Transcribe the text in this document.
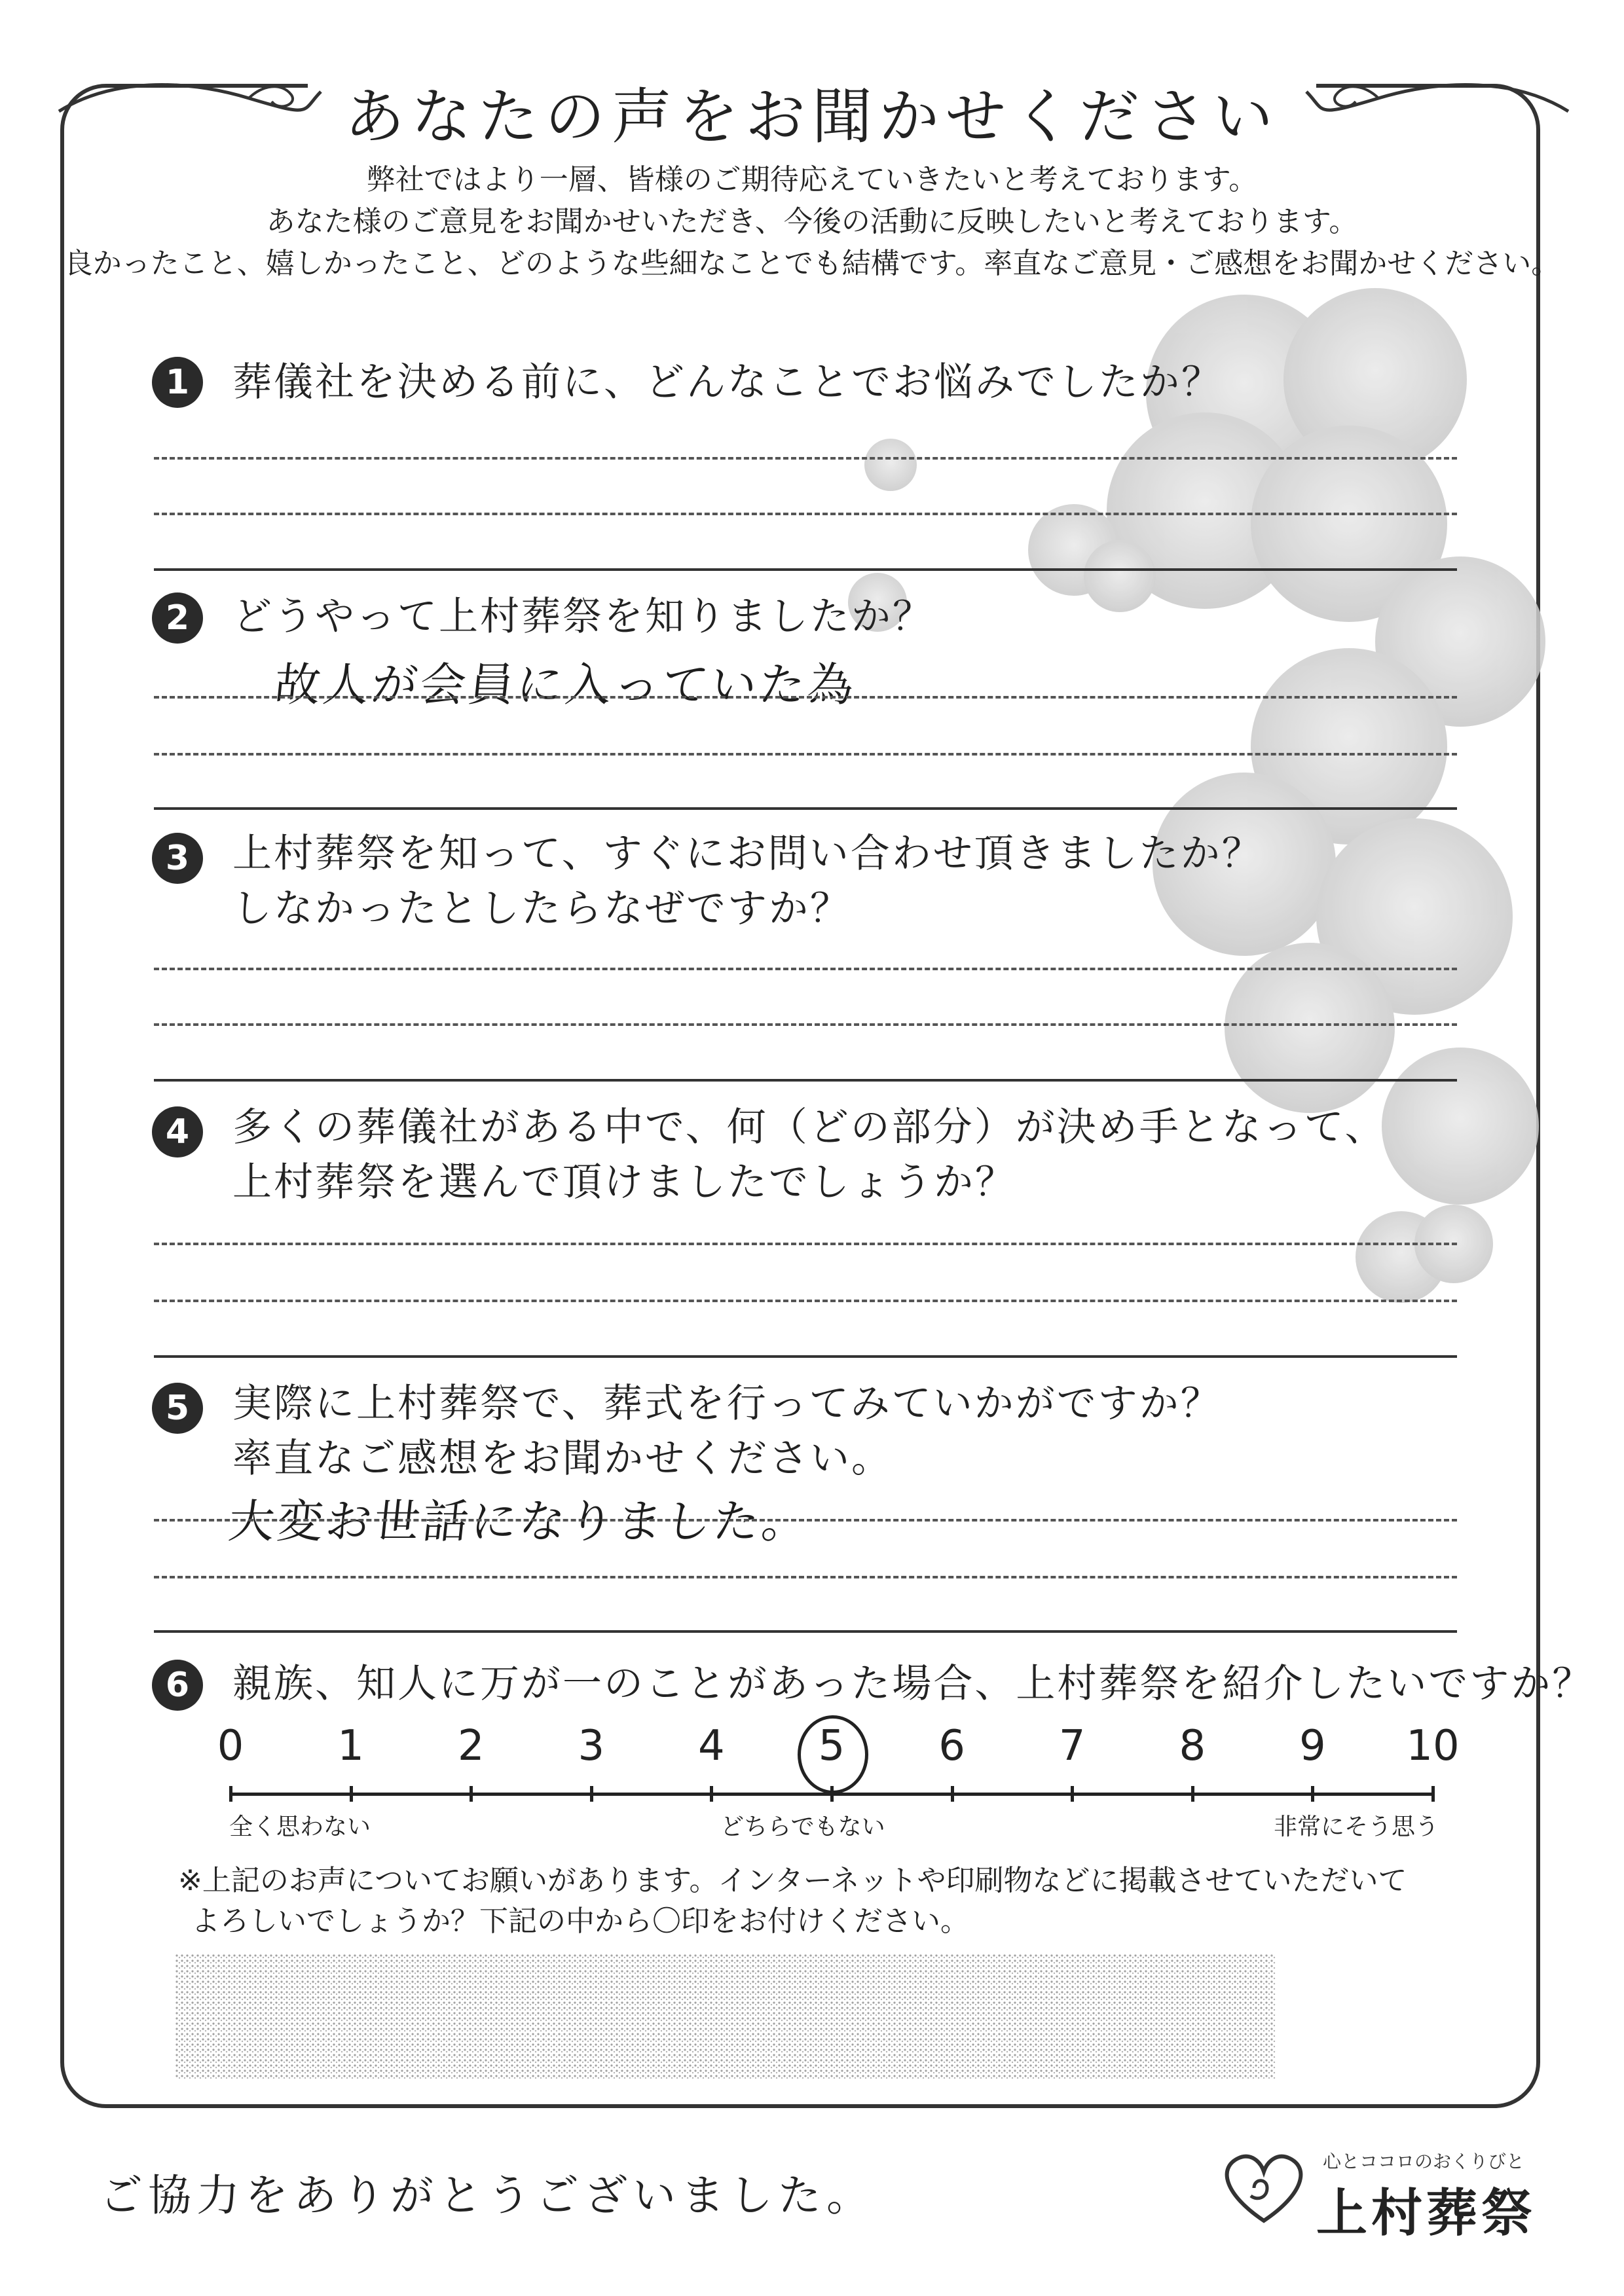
あなたの声をお聞かせください

弊社ではより一層、皆様のご期待応えていきたいと考えております。

あなた様のご意見をお聞かせいただき、今後の活動に反映したいと考えております。

良かったこと、嬉しかったこと、どのような些細なことでも結構です。率直なご意見・ご感想をお聞かせください。

1	葬儀社を決める前に、どんなことでお悩みでしたか？

2	どうやって上村葬祭を知りましたか？

故人が会員に入っていた為
3	上村葬祭を知って、すぐにお問い合わせ頂きましたか？

しなかったとしたらなぜですか？

4	多くの葬儀社がある中で、何（どの部分）が決め手となって、

上村葬祭を選んで頂けましたでしょうか？

5	実際に上村葬祭で、葬式を行ってみていかがですか？

率直なご感想をお聞かせください。

大変お世話になりました。
6	親族、知人に万が一のことがあった場合、上村葬祭を紹介したいですか？

0	1	2	3	4	5	6	7	8	9	10
全く思わない	どちらでもない	非常にそう思う

※上記のお声についてお願いがあります。インターネットや印刷物などに掲載させていただいて

よろしいでしょうか？下記の中から〇印をお付けください。

ご協力をありがとうございました。
心とココロのおくりびと
上村葬祭
